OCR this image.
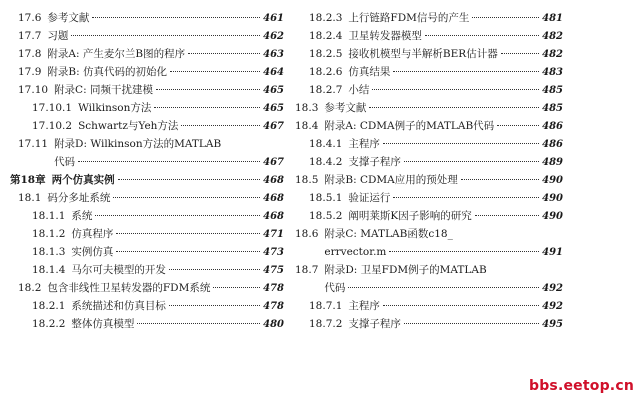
17.6 参考文献	461
17.7 习题	462
17.8 附录A: 产生麦尔兰B图的程序	463
17.9 附录B: 仿真代码的初始化	464
17.10 附录C: 同频干扰建模	465
17.10.1 Wilkinson方法	465
17.10.2 Schwartz与Yeh方法	467
17.11 附录D: Wilkinson方法的MATLAB
代码	467
第18章 两个仿真实例	468
18.1 码分多址系统	468
18.1.1 系统	468
18.1.2 仿真程序	471
18.1.3 实例仿真	473
18.1.4 马尔可夫模型的开发	475
18.2 包含非线性卫星转发器的FDM系统	478
18.2.1 系统描述和仿真目标	478
18.2.2 整体仿真模型	480
18.2.3 上行链路FDM信号的产生	481
18.2.4 卫星转发器模型	482
18.2.5 接收机模型与半解析BER估计器	482
18.2.6 仿真结果	483
18.2.7 小结	485
18.3 参考文献	485
18.4 附录A: CDMA例子的MATLAB代码	486
18.4.1 主程序	486
18.4.2 支撑子程序	489
18.5 附录B: CDMA应用的预处理	490
18.5.1 验证运行	490
18.5.2 阐明莱斯K因子影响的研究	490
18.6 附录C: MATLAB函数c18_
errvector.m	491
18.7 附录D: 卫星FDM例子的MATLAB
代码	492
18.7.1 主程序	492
18.7.2 支撑子程序	495
bbs.eetop.cn
